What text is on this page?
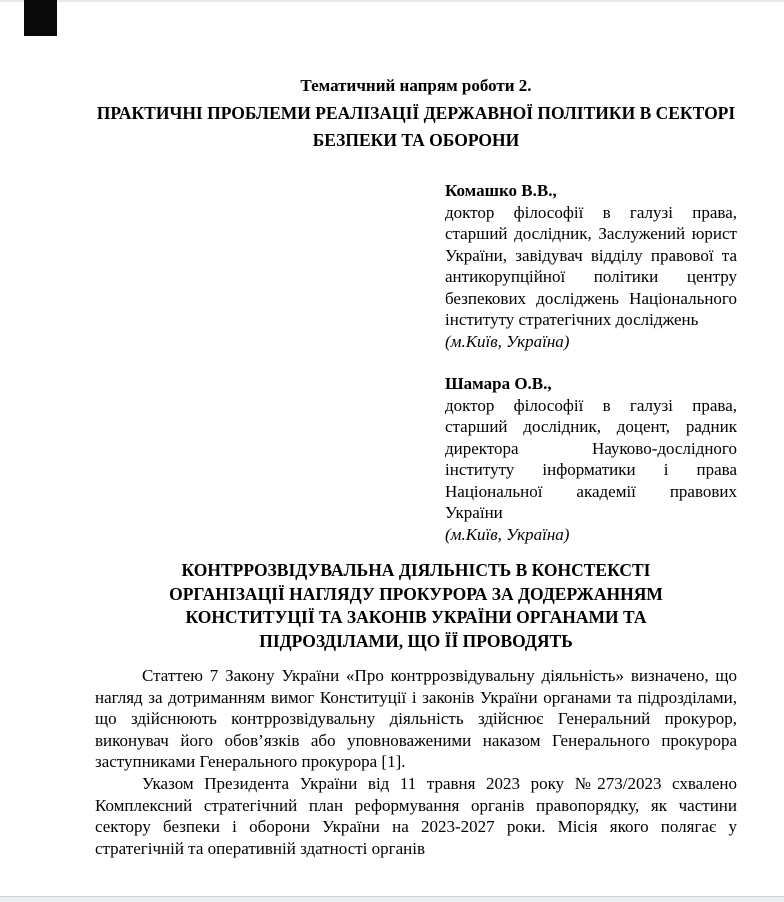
Тематичний напрям роботи 2.
ПРАКТИЧНІ ПРОБЛЕМИ РЕАЛІЗАЦІЇ ДЕРЖАВНОЇ ПОЛІТИКИ В СЕКТОРІ БЕЗПЕКИ ТА ОБОРОНИ
Комашко В.В.,
доктор філософії в галузі права, старший дослідник, Заслужений юрист України, завідувач відділу правової та антикорупційної політики центру безпекових досліджень Національного інституту стратегічних досліджень
(м.Київ, Україна)
Шамара О.В.,
доктор філософії в галузі права, старший дослідник, доцент, радник директора Науково-дослідного інституту інформатики і права Національної академії правових України
(м.Київ, Україна)
КОНТРРОЗВІДУВАЛЬНА ДІЯЛЬНІСТЬ В КОНСТЕКСТІ ОРГАНІЗАЦІЇ НАГЛЯДУ ПРОКУРОРА ЗА ДОДЕРЖАННЯМ КОНСТИТУЦІЇ ТА ЗАКОНІВ УКРАЇНИ ОРГАНАМИ ТА ПІДРОЗДІЛАМИ, ЩО ЇЇ ПРОВОДЯТЬ

Статтею 7 Закону України «Про контррозвідувальну діяльність» визначено, що нагляд за дотриманням вимог Конституції і законів України органами та підрозділами, що здійснюють контррозвідувальну діяльність здійснює Генеральний прокурор, виконувач його обов’язків або уповноваженими наказом Генерального прокурора заступниками Генерального прокурора [1].

Указом Президента України від 11 травня 2023 року №273/2023 схвалено Комплексний стратегічний план реформування органів правопорядку, як частини сектору безпеки і оборони України на 2023-2027 роки. Місія якого полягає у стратегічній та оперативній здатності органів
